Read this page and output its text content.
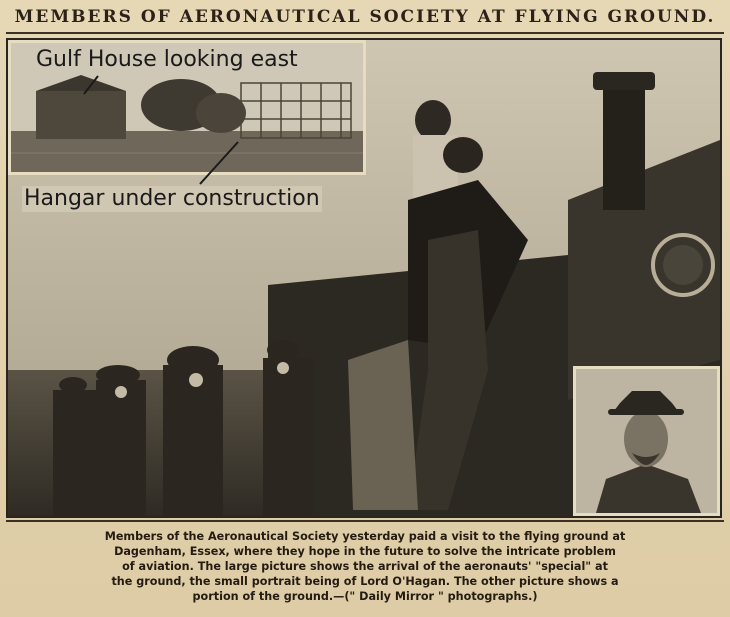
MEMBERS OF AERONAUTICAL SOCIETY AT FLYING GROUND.
Gulf House looking east
Hangar under construction
Members of the Aeronautical Society yesterday paid a visit to the flying ground at
Dagenham, Essex, where they hope in the future to solve the intricate problem
of aviation. The large picture shows the arrival of the aeronauts' "special" at
the ground, the small portrait being of Lord O'Hagan. The other picture shows a
portion of the ground.—(" Daily Mirror " photographs.)
